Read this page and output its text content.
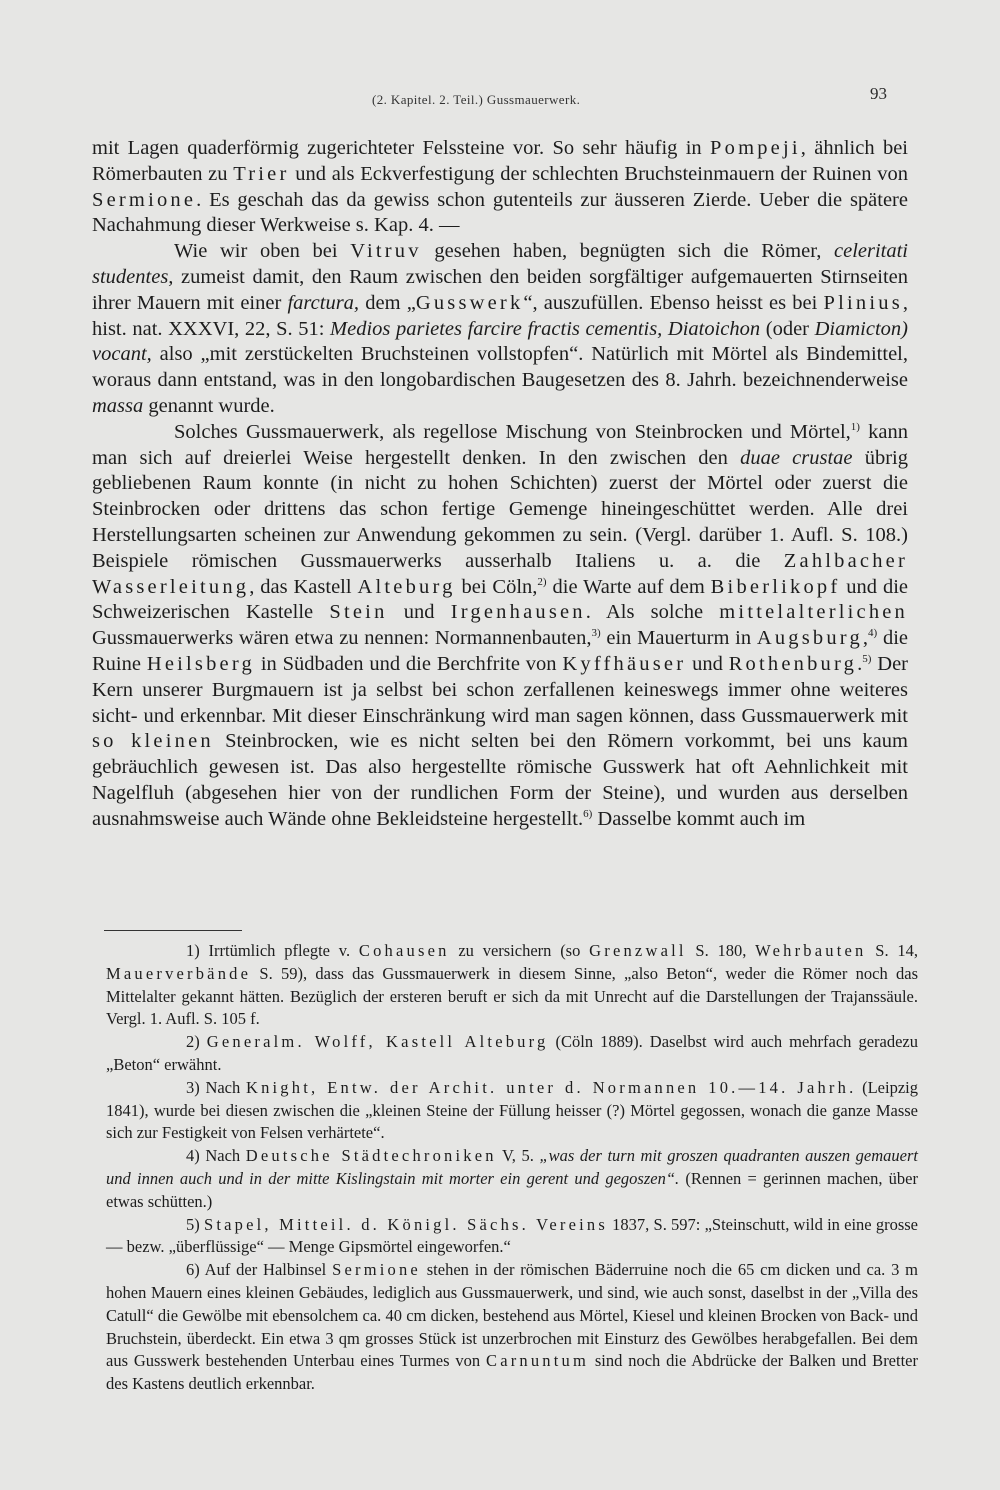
(2. Kapitel. 2. Teil.) Gussmauerwerk.	93

mit Lagen quaderförmig zugerichteter Felssteine vor. So sehr häufig in Pompeji, ähnlich bei Römerbauten zu Trier und als Eckverfestigung der schlechten Bruchsteinmauern der Ruinen von Sermione. Es geschah das da gewiss schon gutenteils zur äusseren Zierde. Ueber die spätere Nachahmung dieser Werkweise s. Kap. 4. —

Wie wir oben bei Vitruv gesehen haben, begnügten sich die Römer, celeritati studentes, zumeist damit, den Raum zwischen den beiden sorgfältiger aufgemauerten Stirnseiten ihrer Mauern mit einer farctura, dem „Gusswerk“, auszufüllen. Ebenso heisst es bei Plinius, hist. nat. XXXVI, 22, S. 51: Medios parietes farcire fractis cementis, Diatoichon (oder Diamicton) vocant, also „mit zerstückelten Bruchsteinen vollstopfen“. Natürlich mit Mörtel als Bindemittel, woraus dann entstand, was in den longobardischen Baugesetzen des 8. Jahrh. bezeichnenderweise massa genannt wurde.

Solches Gussmauerwerk, als regellose Mischung von Steinbrocken und Mörtel,$^{1)}$ kann man sich auf dreierlei Weise hergestellt denken. In den zwischen den duae crustae übrig gebliebenen Raum konnte (in nicht zu hohen Schichten) zuerst der Mörtel oder zuerst die Steinbrocken oder drittens das schon fertige Gemenge hineingeschüttet werden. Alle drei Herstellungsarten scheinen zur Anwendung gekommen zu sein. (Vergl. darüber 1. Aufl. S. 108.) Beispiele römischen Gussmauerwerks ausserhalb Italiens u. a. die Zahlbacher Wasserleitung, das Kastell Alteburg bei Cöln,$^{2)}$ die Warte auf dem Biberlikopf und die Schweizerischen Kastelle Stein und Irgenhausen. Als solche mittelalterlichen Gussmauerwerks wären etwa zu nennen: Normannenbauten,$^{3)}$ ein Mauerturm in Augsburg,$^{4)}$ die Ruine Heilsberg in Südbaden und die Berchfrite von Kyffhäuser und Rothenburg.$^{5)}$ Der Kern unserer Burgmauern ist ja selbst bei schon zerfallenen keineswegs immer ohne weiteres sicht- und erkennbar. Mit dieser Einschränkung wird man sagen können, dass Gussmauerwerk mit so kleinen Steinbrocken, wie es nicht selten bei den Römern vorkommt, bei uns kaum gebräuchlich gewesen ist. Das also hergestellte römische Gusswerk hat oft Aehnlichkeit mit Nagelfluh (abgesehen hier von der rundlichen Form der Steine), und wurden aus derselben ausnahmsweise auch Wände ohne Bekleidsteine hergestellt.$^{6)}$ Dasselbe kommt auch im

1) Irrtümlich pflegte v. Cohausen zu versichern (so Grenzwall S. 180, Wehrbauten S. 14, Mauerverbände S. 59), dass das Gussmauerwerk in diesem Sinne, „also Beton“, weder die Römer noch das Mittelalter gekannt hätten. Bezüglich der ersteren beruft er sich da mit Unrecht auf die Darstellungen der Trajanssäule. Vergl. 1. Aufl. S. 105 f.

2) Generalm. Wolff, Kastell Alteburg (Cöln 1889). Daselbst wird auch mehrfach geradezu „Beton“ erwähnt.

3) Nach Knight, Entw. der Archit. unter d. Normannen 10.—14. Jahrh. (Leipzig 1841), wurde bei diesen zwischen die „kleinen Steine der Füllung heisser (?) Mörtel gegossen, wonach die ganze Masse sich zur Festigkeit von Felsen verhärtete“.

4) Nach Deutsche Städtechroniken V, 5. „was der turn mit groszen quadranten auszen gemauert und innen auch und in der mitte Kislingstain mit morter ein gerent und gegoszen“. (Rennen = gerinnen machen, über etwas schütten.)

5) Stapel, Mitteil. d. Königl. Sächs. Vereins 1837, S. 597: „Steinschutt, wild in eine grosse — bezw. „überflüssige“ — Menge Gipsmörtel eingeworfen.“

6) Auf der Halbinsel Sermione stehen in der römischen Bäderruine noch die 65 cm dicken und ca. 3 m hohen Mauern eines kleinen Gebäudes, lediglich aus Gussmauerwerk, und sind, wie auch sonst, daselbst in der „Villa des Catull“ die Gewölbe mit ebensolchem ca. 40 cm dicken, bestehend aus Mörtel, Kiesel und kleinen Brocken von Back- und Bruchstein, überdeckt. Ein etwa 3 qm grosses Stück ist unzerbrochen mit Einsturz des Gewölbes herabgefallen. Bei dem aus Gusswerk bestehenden Unterbau eines Turmes von Carnuntum sind noch die Abdrücke der Balken und Bretter des Kastens deutlich erkennbar.
